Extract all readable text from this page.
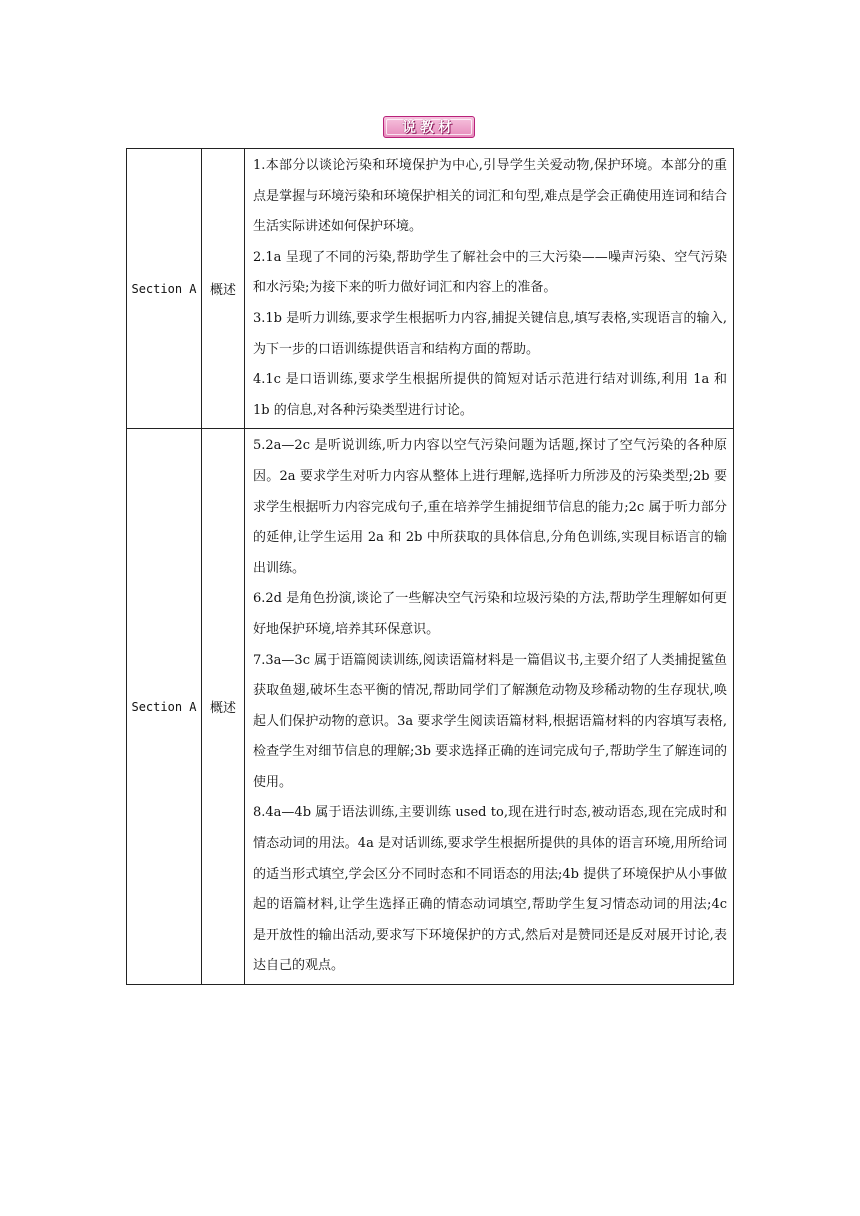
说教材
Section A	概述	1.本部分以谈论污染和环境保护为中心,引导学生关爱动物,保护环境。本部分的重点是掌握与环境污染和环境保护相关的词汇和句型,难点是学会正确使用连词和结合生活实际讲述如何保护环境。

2.1a 呈现了不同的污染,帮助学生了解社会中的三大污染——噪声污染、空气污染和水污染;为接下来的听力做好词汇和内容上的准备。

3.1b 是听力训练,要求学生根据听力内容,捕捉关键信息,填写表格,实现语言的输入,为下一步的口语训练提供语言和结构方面的帮助。

4.1c 是口语训练,要求学生根据所提供的简短对话示范进行结对训练,利用 1a 和 1b 的信息,对各种污染类型进行讨论。

Section A	概述	5.2a—2c 是听说训练,听力内容以空气污染问题为话题,探讨了空气污染的各种原因。2a 要求学生对听力内容从整体上进行理解,选择听力所涉及的污染类型;2b 要求学生根据听力内容完成句子,重在培养学生捕捉细节信息的能力;2c 属于听力部分的延伸,让学生运用 2a 和 2b 中所获取的具体信息,分角色训练,实现目标语言的输出训练。

6.2d 是角色扮演,谈论了一些解决空气污染和垃圾污染的方法,帮助学生理解如何更好地保护环境,培养其环保意识。

7.3a—3c 属于语篇阅读训练,阅读语篇材料是一篇倡议书,主要介绍了人类捕捉鲨鱼获取鱼翅,破坏生态平衡的情况,帮助同学们了解濒危动物及珍稀动物的生存现状,唤起人们保护动物的意识。3a 要求学生阅读语篇材料,根据语篇材料的内容填写表格,检查学生对细节信息的理解;3b 要求选择正确的连词完成句子,帮助学生了解连词的使用。

8.4a—4b 属于语法训练,主要训练 used to,现在进行时态,被动语态,现在完成时和情态动词的用法。4a 是对话训练,要求学生根据所提供的具体的语言环境,用所给词的适当形式填空,学会区分不同时态和不同语态的用法;4b 提供了环境保护从小事做起的语篇材料,让学生选择正确的情态动词填空,帮助学生复习情态动词的用法;4c 是开放性的输出活动,要求写下环境保护的方式,然后对是赞同还是反对展开讨论,表达自己的观点。
